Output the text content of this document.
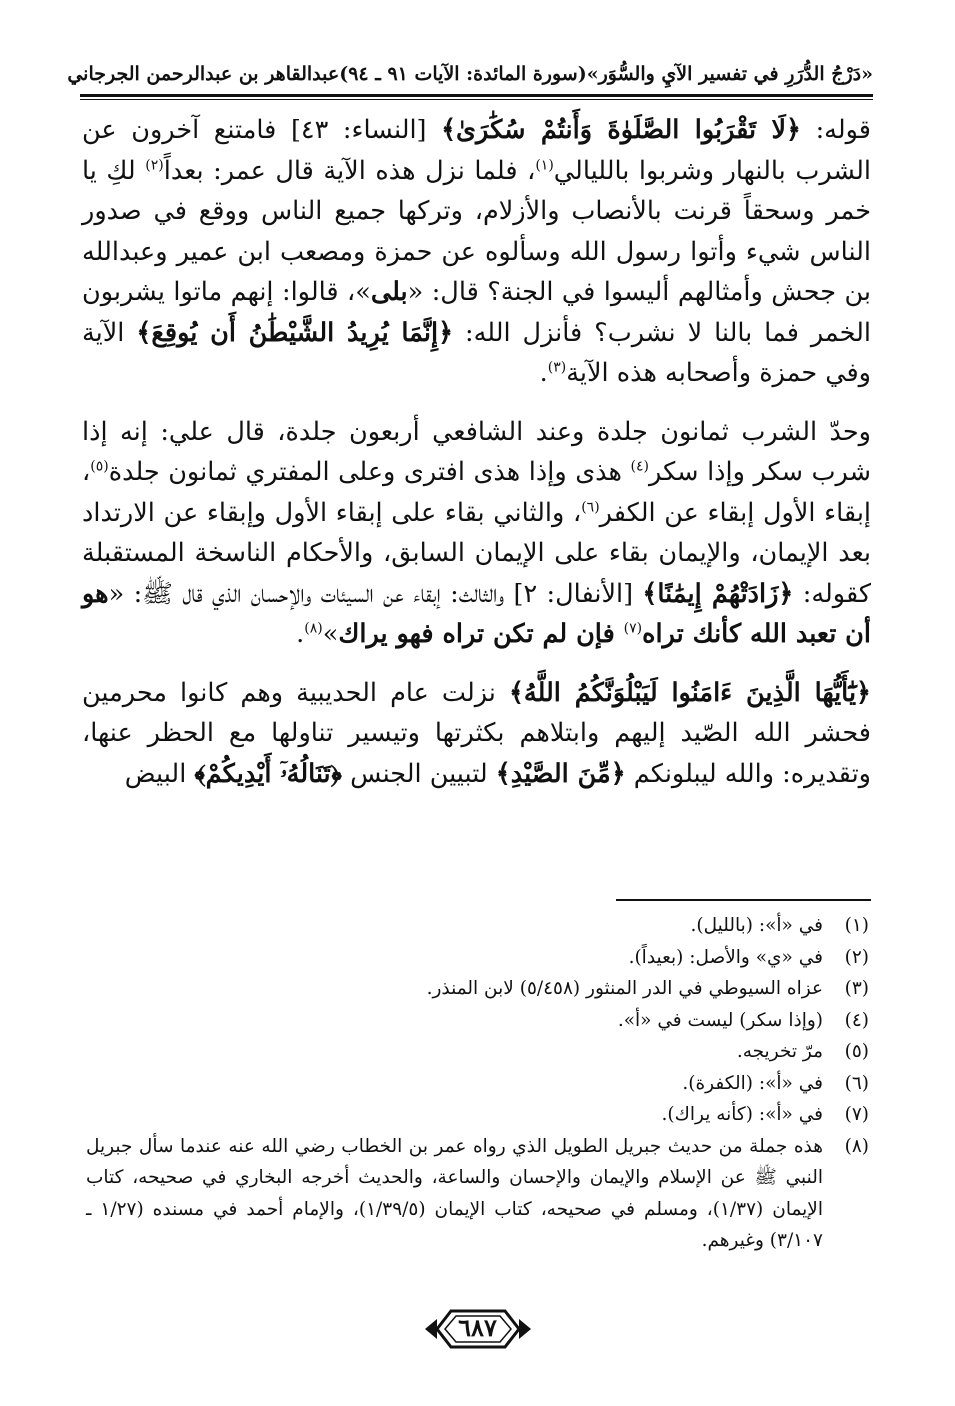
«دَرْجُ الدُّرَرِ في تفسير الآيِ والسُّوَر»
(سورة المائدة: الآيات ٩١ ـ ٩٤)
عبدالقاهر بن عبدالرحمن الجرجاني

قوله: ﴿لَا تَقْرَبُوا الصَّلَوٰةَ وَأَنتُمْ سُكَٰرَىٰ﴾ [النساء: ٤٣] فامتنع آخرون عن الشرب بالنهار وشربوا بالليالي$^{(١)}$، فلما نزل هذه الآية قال عمر: بعداً$^{(٢)}$ لكِ يا خمر وسحقاً قرنت بالأنصاب والأزلام، وتركها جميع الناس ووقع في صدور الناس شيء وأتوا رسول الله وسألوه عن حمزة ومصعب ابن عمير وعبدالله بن جحش وأمثالهم أليسوا في الجنة؟ قال: «بلى»، قالوا: إنهم ماتوا يشربون الخمر فما بالنا لا نشرب؟ فأنزل الله: ﴿إِنَّمَا يُرِيدُ الشَّيْطَٰنُ أَن يُوقِعَ﴾ الآية وفي حمزة وأصحابه هذه الآية$^{(٣)}$.

وحدّ الشرب ثمانون جلدة وعند الشافعي أربعون جلدة، قال علي: إنه إذا شرب سكر وإذا سكر$^{(٤)}$ هذى وإذا هذى افترى وعلى المفتري ثمانون جلدة$^{(٥)}$، إبقاء الأول إبقاء عن الكفر$^{(٦)}$، والثاني بقاء على إبقاء الأول وإبقاء عن الارتداد بعد الإيمان، والإيمان بقاء على الإيمان السابق، والأحكام الناسخة المستقبلة كقوله: ﴿زَادَتْهُمْ إِيمَٰنًا﴾ [الأنفال: ٢] والثالث: إبقاء عن السيئات والإحسان الذي قال ﷺ: «هو أن تعبد الله كأنك تراه$^{(٧)}$ فإن لم تكن تراه فهو يراك»$^{(٨)}$.

﴿يَٰٓأَيُّهَا الَّذِينَ ءَامَنُوا لَيَبْلُوَنَّكُمُ اللَّهُ﴾ نزلت عام الحديبية وهم كانوا محرمين فحشر الله الصّيد إليهم وابتلاهم بكثرتها وتيسير تناولها مع الحظر عنها، وتقديره: والله ليبلونكم ﴿مِّنَ الصَّيْدِ﴾ لتبيين الجنس ﴿تَنَالُهُۥٓ أَيْدِيكُمْ﴾ البيض

(١)
في «أ»: (بالليل).
(٢)
في «ي» والأصل: (بعيداً).
(٣)
عزاه السيوطي في الدر المنثور (٥/٤٥٨) لابن المنذر.
(٤)
(وإذا سكر) ليست في «أ».
(٥)
مرّ تخريجه.
(٦)
في «أ»: (الكفرة).
(٧)
في «أ»: (كأنه يراك).
(٨)
هذه جملة من حديث جبريل الطويل الذي رواه عمر بن الخطاب رضي الله عنه عندما سأل جبريل النبي ﷺ عن الإسلام والإيمان والإحسان والساعة، والحديث أخرجه البخاري في صحيحه، كتاب الإيمان (١/٣٧)، ومسلم في صحيحه، كتاب الإيمان (١/٣٩/٥)، والإمام أحمد في مسنده (١/٢٧ ـ ٣/١٠٧) وغيرهم.
٦٨٧
